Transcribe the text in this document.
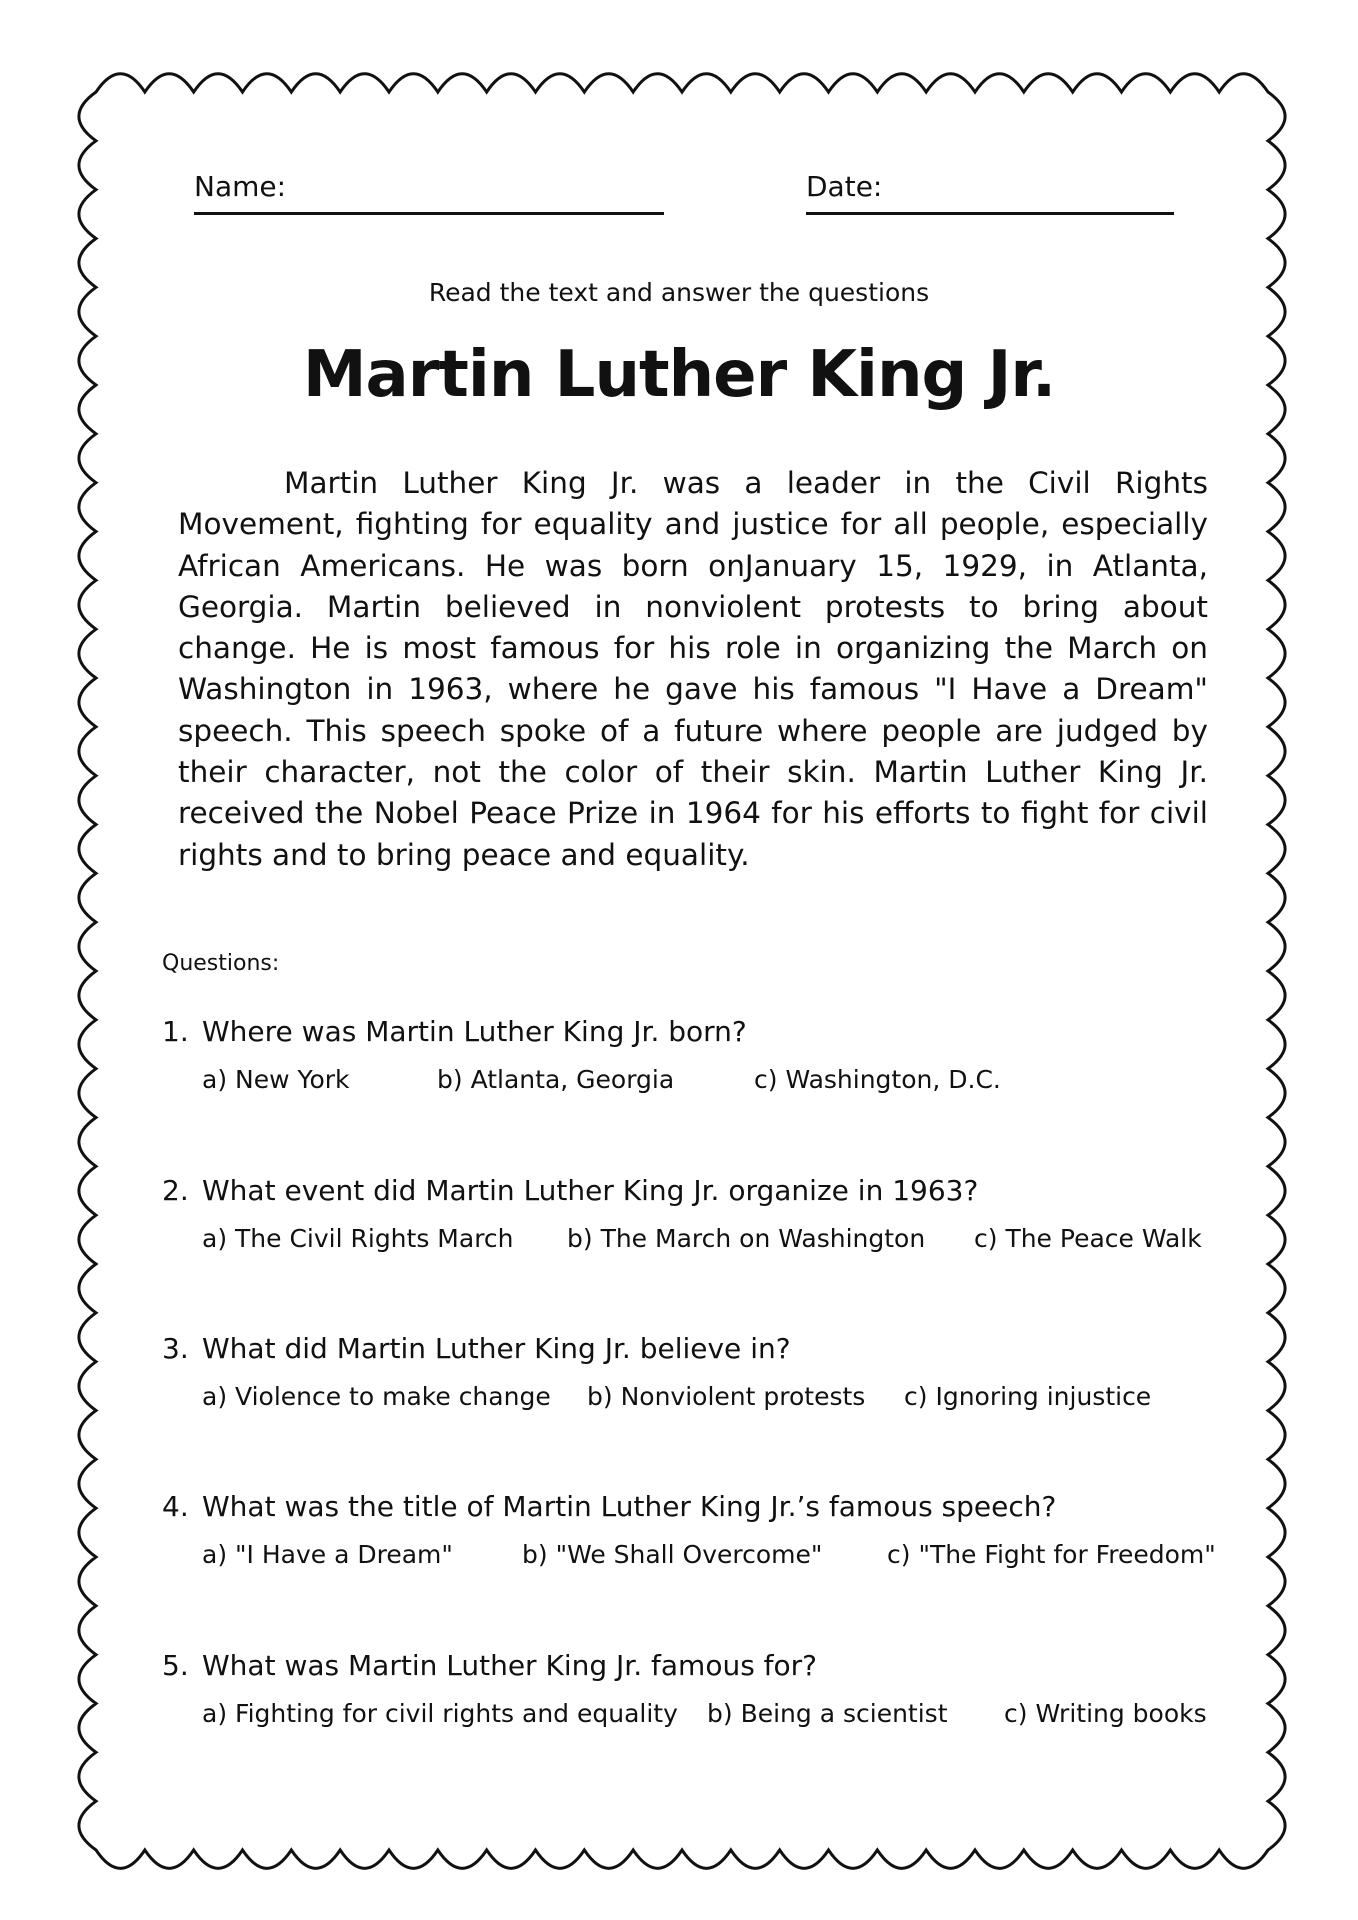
Name:	Date:
Read the text and answer the questions
Martin Luther King Jr.

Martin Luther King Jr. was a leader in the Civil Rights Movement, fighting for equality and justice for all people, especially African Americans. He was born onJanuary 15, 1929, in Atlanta, Georgia. Martin believed in nonviolent protests to bring about change. He is most famous for his role in organizing the March on Washington in 1963, where he gave his famous "I Have a Dream" speech. This speech spoke of a future where people are judged by their character, not the color of their skin. Martin Luther King Jr. received the Nobel Peace Prize in 1964 for his efforts to fight for civil rights and to bring peace and equality.

Questions:
1. Where was Martin Luther King Jr. born?
a) New York	b) Atlanta, Georgia	c) Washington, D.C.
2. What event did Martin Luther King Jr. organize in 1963?
a) The Civil Rights March b) The March on Washington c) The Peace Walk
3. What did Martin Luther King Jr. believe in?
a) Violence to make change b) Nonviolent protests c) Ignoring injustice
4. What was the title of Martin Luther King Jr.’s famous speech?
a) "I Have a Dream"	b) "We Shall Overcome"	c) "The Fight for Freedom"
5. What was Martin Luther King Jr. famous for?
a) Fighting for civil rights and equality b) Being a scientist c) Writing books
